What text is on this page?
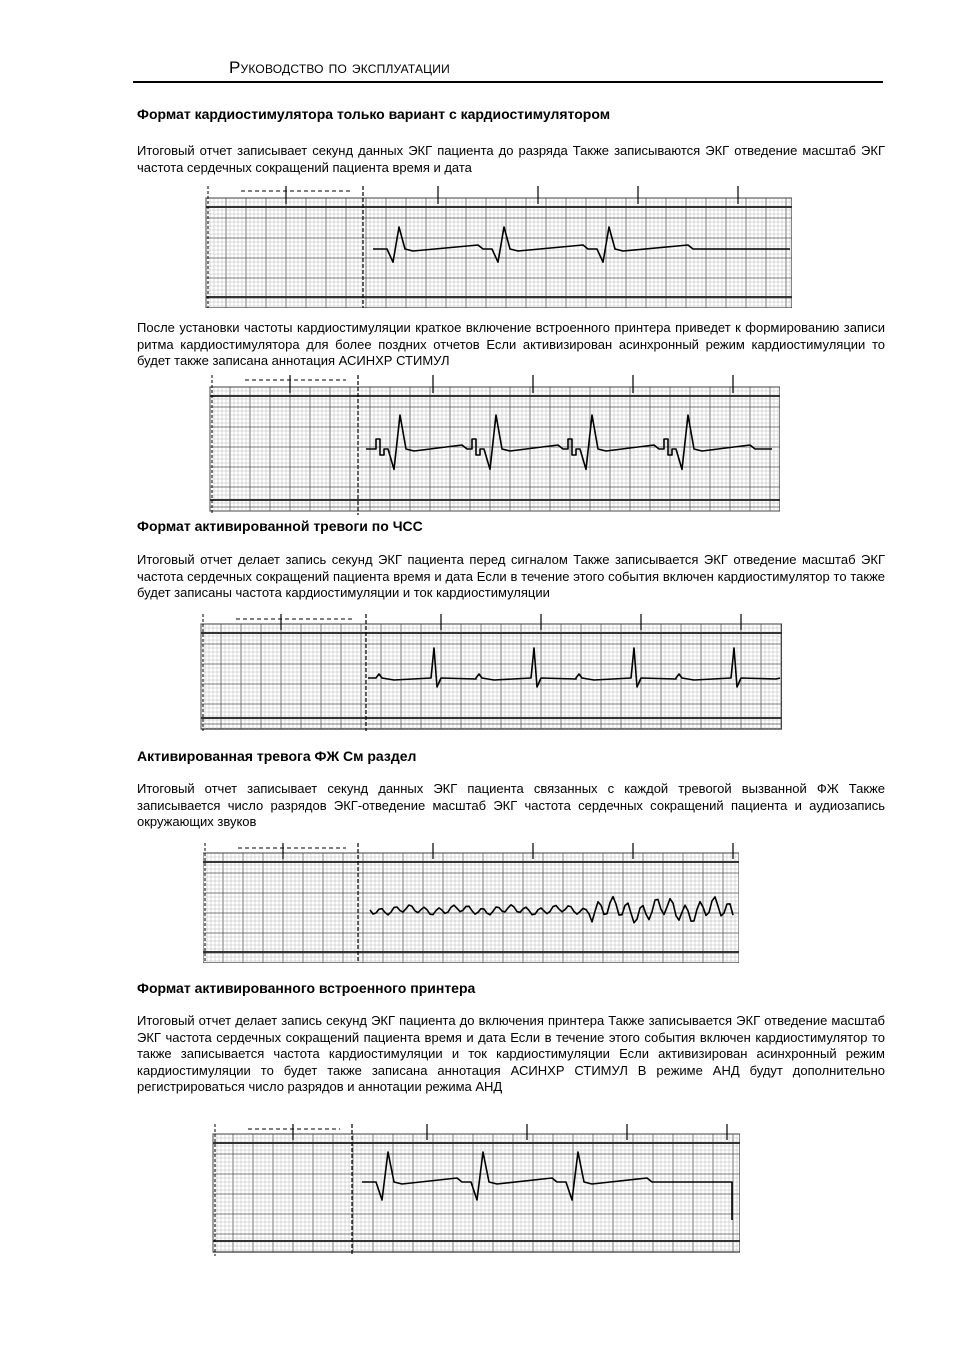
Руководство по эксплуатации
Формат кардиостимулятора только вариант с кардиостимулятором

Итоговый отчет записывает секунд данных ЭКГ пациента до разряда Также записываются ЭКГ отведение масштаб ЭКГ частота сердечных сокращений пациента время и дата

После установки частоты кардиостимуляции краткое включение встроенного принтера приведет к формированию записи ритма кардиостимулятора для более поздних отчетов Если активизирован асинхронный режим кардиостимуляции то будет также записана аннотация АСИНХР СТИМУЛ

Формат активированной тревоги по ЧСС

Итоговый отчет делает запись секунд ЭКГ пациента перед сигналом Также записывается ЭКГ отведение масштаб ЭКГ частота сердечных сокращений пациента время и дата Если в течение этого события включен кардиостимулятор то также будет записаны частота кардиостимуляции и ток кардиостимуляции

Активированная тревога ФЖ См раздел

Итоговый отчет записывает секунд данных ЭКГ пациента связанных с каждой тревогой вызванной ФЖ Также записывается число разрядов ЭКГ-отведение масштаб ЭКГ частота сердечных сокращений пациента и аудиозапись окружающих звуков

Формат активированного встроенного принтера

Итоговый отчет делает запись секунд ЭКГ пациента до включения принтера Также записывается ЭКГ отведение масштаб ЭКГ частота сердечных сокращений пациента время и дата Если в течение этого события включен кардиостимулятор то также записывается частота кардиостимуляции и ток кардиостимуляции Если активизирован асинхронный режим кардиостимуляции то будет также записана аннотация АСИНХР СТИМУЛ В режиме АНД будут дополнительно регистрироваться число разрядов и аннотации режима АНД
